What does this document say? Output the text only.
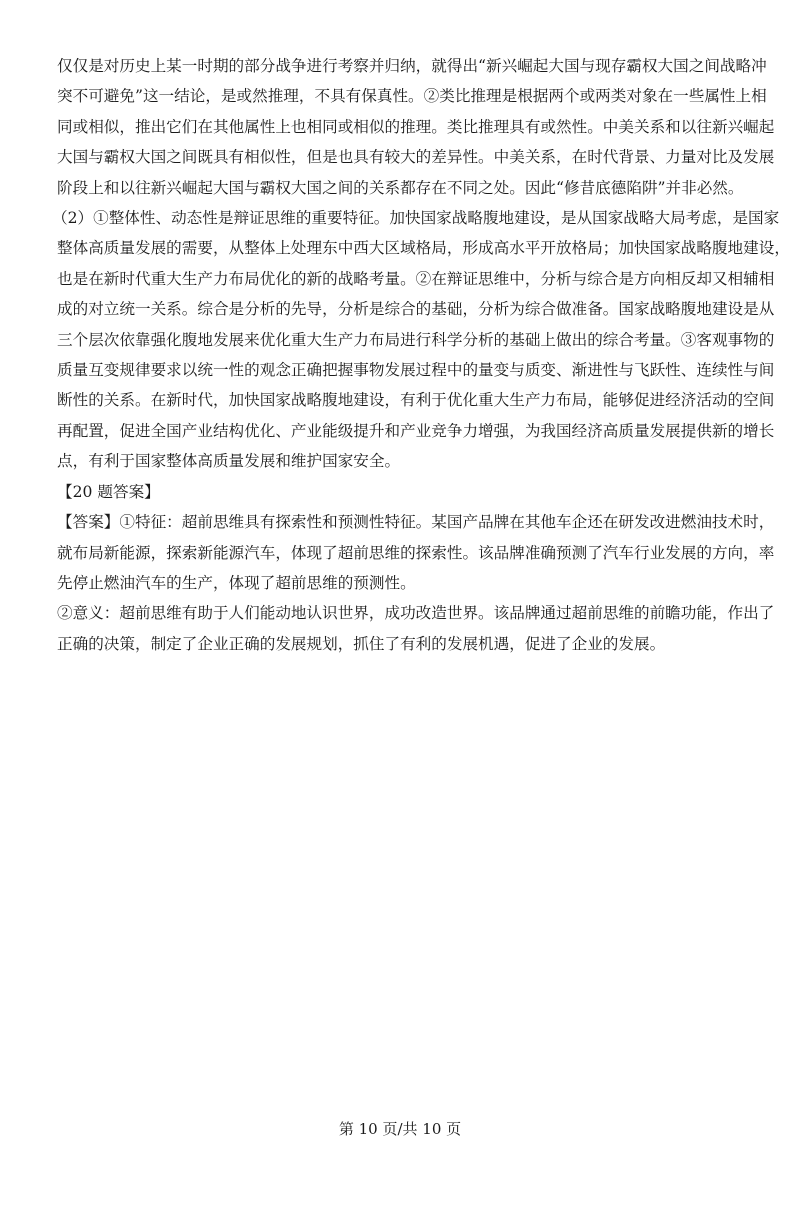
仅仅是对历史上某一时期的部分战争进行考察并归纳，就得出“新兴崛起大国与现存霸权大国之间战略冲
突不可避免”这一结论，是或然推理，不具有保真性。②类比推理是根据两个或两类对象在一些属性上相
同或相似，推出它们在其他属性上也相同或相似的推理。类比推理具有或然性。中美关系和以往新兴崛起
大国与霸权大国之间既具有相似性，但是也具有较大的差异性。中美关系，在时代背景、力量对比及发展
阶段上和以往新兴崛起大国与霸权大国之间的关系都存在不同之处。因此“修昔底德陷阱”并非必然。
（2）①整体性、动态性是辩证思维的重要特征。加快国家战略腹地建设，是从国家战略大局考虑，是国家
整体高质量发展的需要，从整体上处理东中西大区域格局，形成高水平开放格局；加快国家战略腹地建设，
也是在新时代重大生产力布局优化的新的战略考量。②在辩证思维中，分析与综合是方向相反却又相辅相
成的对立统一关系。综合是分析的先导，分析是综合的基础，分析为综合做准备。国家战略腹地建设是从
三个层次依靠强化腹地发展来优化重大生产力布局进行科学分析的基础上做出的综合考量。③客观事物的
质量互变规律要求以统一性的观念正确把握事物发展过程中的量变与质变、渐进性与飞跃性、连续性与间
断性的关系。在新时代，加快国家战略腹地建设，有利于优化重大生产力布局，能够促进经济活动的空间
再配置，促进全国产业结构优化、产业能级提升和产业竞争力增强，为我国经济高质量发展提供新的增长
点，有利于国家整体高质量发展和维护国家安全。
【20 题答案】
【答案】①特征：超前思维具有探索性和预测性特征。某国产品牌在其他车企还在研发改进燃油技术时，
就布局新能源，探索新能源汽车，体现了超前思维的探索性。该品牌准确预测了汽车行业发展的方向，率
先停止燃油汽车的生产，体现了超前思维的预测性。
②意义：超前思维有助于人们能动地认识世界，成功改造世界。该品牌通过超前思维的前瞻功能，作出了
正确的决策，制定了企业正确的发展规划，抓住了有利的发展机遇，促进了企业的发展。
第 10 页/共 10 页
